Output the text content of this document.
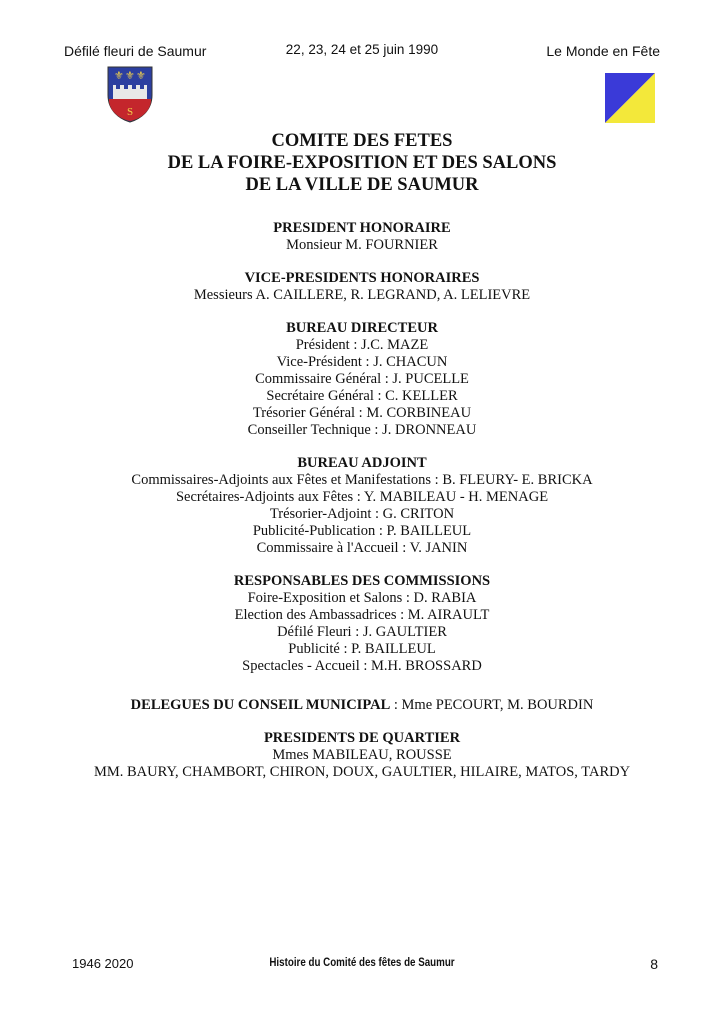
Défilé fleuri de Saumur	22, 23, 24 et 25 juin 1990	Le Monde en Fête
⚜ ⚜ ⚜
S
COMITE DES FETES
DE LA FOIRE-EXPOSITION ET DES SALONS
DE LA VILLE DE SAUMUR
PRESIDENT HONORAIRE
Monsieur M. FOURNIER
VICE-PRESIDENTS HONORAIRES
Messieurs A. CAILLERE, R. LEGRAND, A. LELIEVRE
BUREAU DIRECTEUR
Président : J.C. MAZE
Vice-Président : J. CHACUN
Commissaire Général : J. PUCELLE
Secrétaire Général : C. KELLER
Trésorier Général : M. CORBINEAU
Conseiller Technique : J. DRONNEAU
BUREAU ADJOINT
Commissaires-Adjoints aux Fêtes et Manifestations : B. FLEURY- E. BRICKA
Secrétaires-Adjoints aux Fêtes : Y. MABILEAU - H. MENAGE
Trésorier-Adjoint : G. CRITON
Publicité-Publication : P. BAILLEUL
Commissaire à l'Accueil : V. JANIN
RESPONSABLES DES COMMISSIONS
Foire-Exposition et Salons : D. RABIA
Election des Ambassadrices : M. AIRAULT
Défilé Fleuri : J. GAULTIER
Publicité : P. BAILLEUL
Spectacles - Accueil : M.H. BROSSARD
DELEGUES DU CONSEIL MUNICIPAL : Mme PECOURT, M. BOURDIN
PRESIDENTS DE QUARTIER
Mmes MABILEAU, ROUSSE
MM. BAURY, CHAMBORT, CHIRON, DOUX, GAULTIER, HILAIRE, MATOS, TARDY
1946 2020	Histoire du Comité des fêtes de Saumur	8
